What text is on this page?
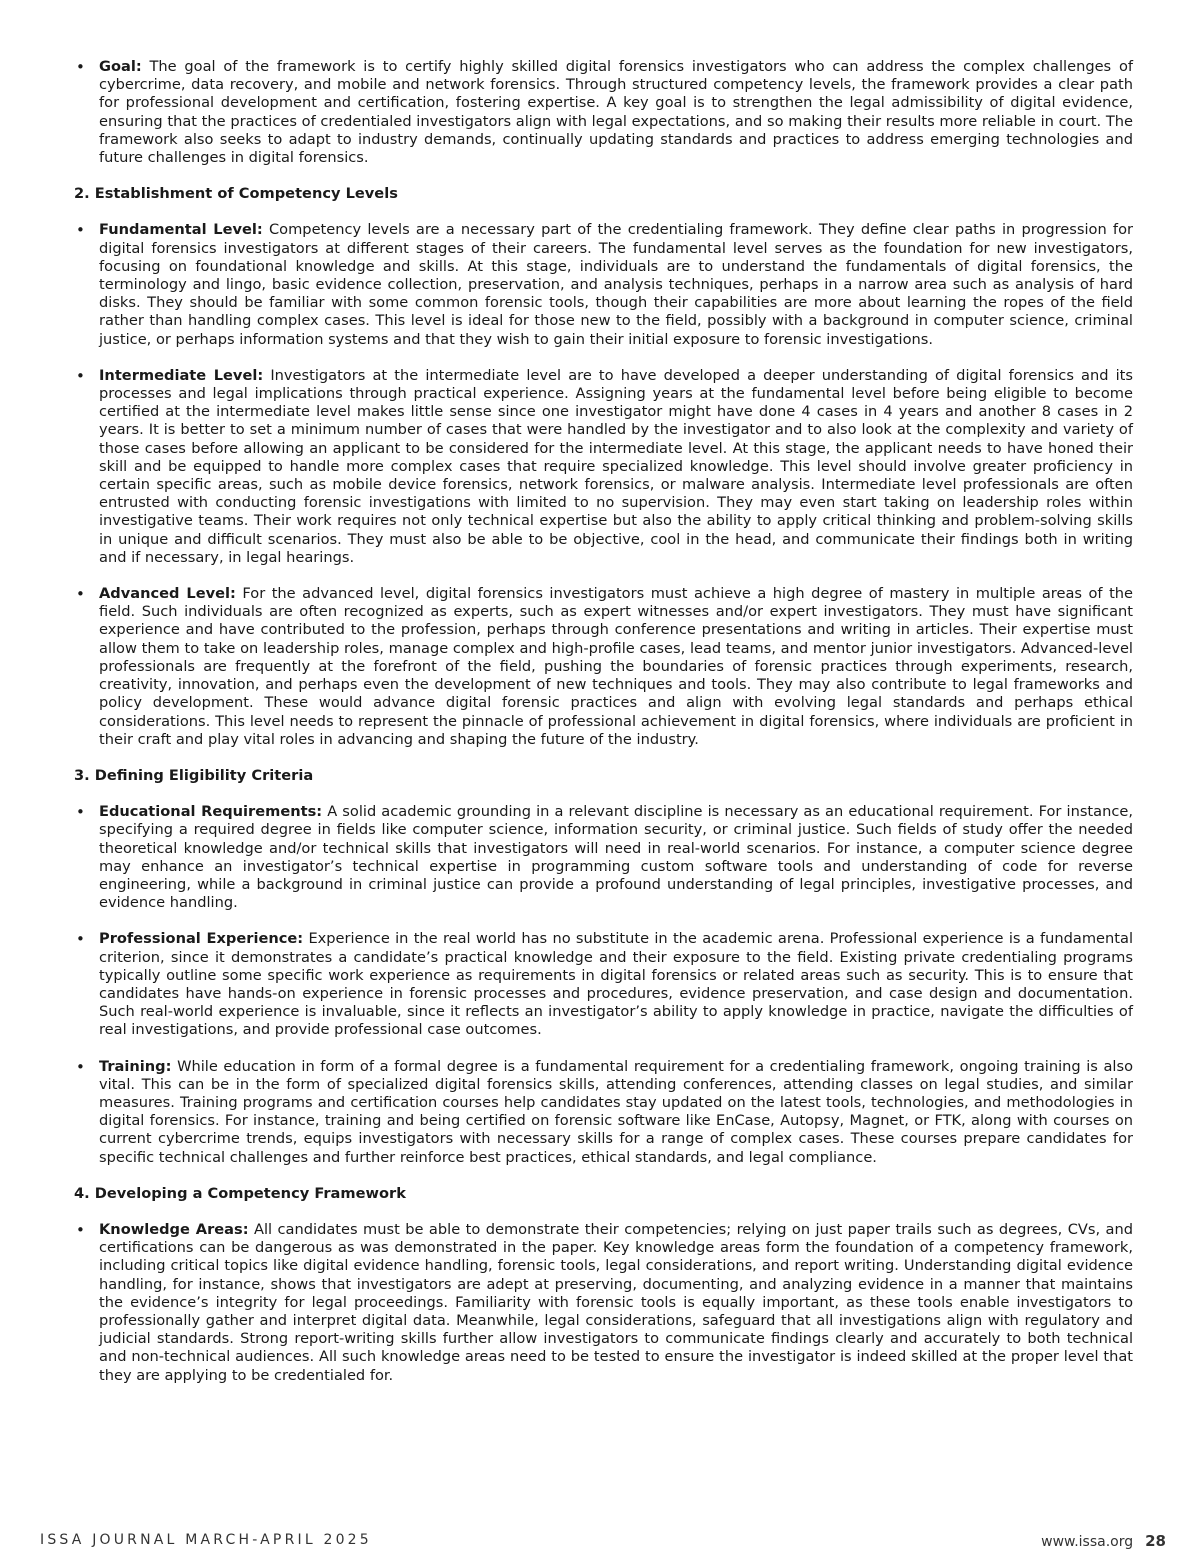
• Goal: The goal of the framework is to certify highly skilled digital forensics investigators who can address the complex challenges of cybercrime, data recovery, and mobile and network forensics. Through structured competency levels, the framework provides a clear path for professional development and certification, fostering expertise. A key goal is to strengthen the legal admissibility of digital evidence, ensuring that the practices of credentialed investigators align with legal expectations, and so making their results more reliable in court. The framework also seeks to adapt to industry demands, continually updating standards and practices to address emerging technologies and future challenges in digital forensics.
2. Establishment of Competency Levels
• Fundamental Level: Competency levels are a necessary part of the credentialing framework. They define clear paths in progression for digital forensics investigators at different stages of their careers. The fundamental level serves as the foundation for new investigators, focusing on foundational knowledge and skills. At this stage, individuals are to understand the fundamentals of digital forensics, the terminology and lingo, basic evidence collection, preservation, and analysis techniques, perhaps in a narrow area such as analysis of hard disks. They should be familiar with some common forensic tools, though their capabilities are more about learning the ropes of the field rather than handling complex cases. This level is ideal for those new to the field, possibly with a background in computer science, criminal justice, or perhaps information systems and that they wish to gain their initial exposure to forensic investigations.
• Intermediate Level: Investigators at the intermediate level are to have developed a deeper understanding of digital forensics and its processes and legal implications through practical experience. Assigning years at the fundamental level before being eligible to become certified at the intermediate level makes little sense since one investigator might have done 4 cases in 4 years and another 8 cases in 2 years. It is better to set a minimum number of cases that were handled by the investigator and to also look at the complexity and variety of those cases before allowing an applicant to be considered for the intermediate level. At this stage, the applicant needs to have honed their skill and be equipped to handle more complex cases that require specialized knowledge. This level should involve greater proficiency in certain specific areas, such as mobile device forensics, network forensics, or malware analysis. Intermediate level professionals are often entrusted with conducting forensic investigations with limited to no supervision. They may even start taking on leadership roles within investigative teams. Their work requires not only technical expertise but also the ability to apply critical thinking and problem-solving skills in unique and difficult scenarios. They must also be able to be objective, cool in the head, and communicate their findings both in writing and if necessary, in legal hearings.
• Advanced Level: For the advanced level, digital forensics investigators must achieve a high degree of mastery in multiple areas of the field. Such individuals are often recognized as experts, such as expert witnesses and/or expert investigators. They must have significant experience and have contributed to the profession, perhaps through conference presentations and writing in articles. Their expertise must allow them to take on leadership roles, manage complex and high-profile cases, lead teams, and mentor junior investigators. Advanced-level professionals are frequently at the forefront of the field, pushing the boundaries of forensic practices through experiments, research, creativity, innovation, and perhaps even the development of new techniques and tools. They may also contribute to legal frameworks and policy development. These would advance digital forensic practices and align with evolving legal standards and perhaps ethical considerations. This level needs to represent the pinnacle of professional achievement in digital forensics, where individuals are proficient in their craft and play vital roles in advancing and shaping the future of the industry.
3. Defining Eligibility Criteria
• Educational Requirements: A solid academic grounding in a relevant discipline is necessary as an educational requirement. For instance, specifying a required degree in fields like computer science, information security, or criminal justice. Such fields of study offer the needed theoretical knowledge and/or technical skills that investigators will need in real-world scenarios. For instance, a computer science degree may enhance an investigator’s technical expertise in programming custom software tools and understanding of code for reverse engineering, while a background in criminal justice can provide a profound understanding of legal principles, investigative processes, and evidence handling.
• Professional Experience: Experience in the real world has no substitute in the academic arena. Professional experience is a fundamental criterion, since it demonstrates a candidate’s practical knowledge and their exposure to the field. Existing private credentialing programs typically outline some specific work experience as requirements in digital forensics or related areas such as security. This is to ensure that candidates have hands-on experience in forensic processes and procedures, evidence preservation, and case design and documentation. Such real-world experience is invaluable, since it reflects an investigator’s ability to apply knowledge in practice, navigate the difficulties of real investigations, and provide professional case outcomes.
• Training: While education in form of a formal degree is a fundamental requirement for a credentialing framework, ongoing training is also vital. This can be in the form of specialized digital forensics skills, attending conferences, attending classes on legal studies, and similar measures. Training programs and certification courses help candidates stay updated on the latest tools, technologies, and methodologies in digital forensics. For instance, training and being certified on forensic software like EnCase, Autopsy, Magnet, or FTK, along with courses on current cybercrime trends, equips investigators with necessary skills for a range of complex cases. These courses prepare candidates for specific technical challenges and further reinforce best practices, ethical standards, and legal compliance.
4. Developing a Competency Framework
• Knowledge Areas: All candidates must be able to demonstrate their competencies; relying on just paper trails such as degrees, CVs, and certifications can be dangerous as was demonstrated in the paper. Key knowledge areas form the foundation of a competency framework, including critical topics like digital evidence handling, forensic tools, legal considerations, and report writing. Understanding digital evidence handling, for instance, shows that investigators are adept at preserving, documenting, and analyzing evidence in a manner that maintains the evidence’s integrity for legal proceedings. Familiarity with forensic tools is equally important, as these tools enable investigators to professionally gather and interpret digital data. Meanwhile, legal considerations, safeguard that all investigations align with regulatory and judicial standards. Strong report-writing skills further allow investigators to communicate findings clearly and accurately to both technical and non-technical audiences. All such knowledge areas need to be tested to ensure the investigator is indeed skilled at the proper level that they are applying to be credentialed for.
ISSA JOURNAL MARCH-APRIL 2025	www.issa.org 28
